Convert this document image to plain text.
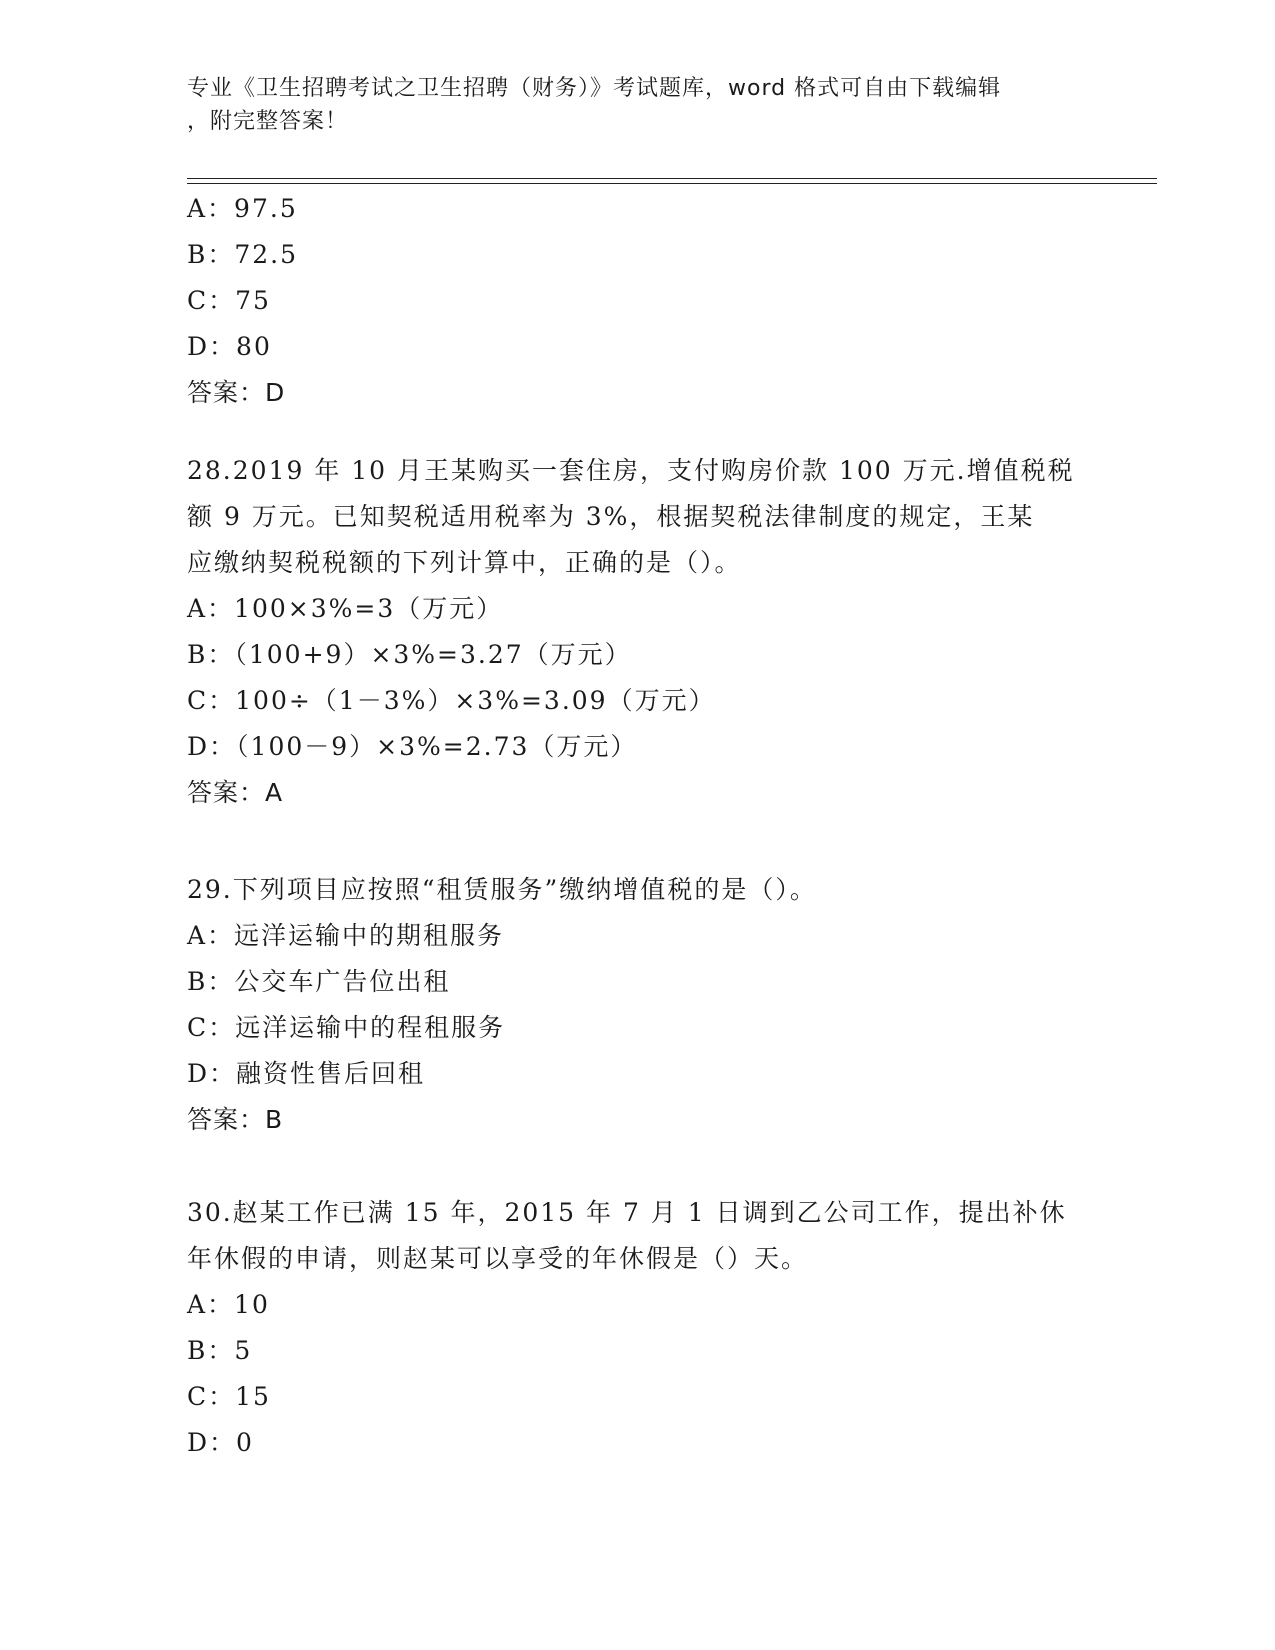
专业《卫生招聘考试之卫生招聘（财务）》考试题库，word 格式可自由下载编辑
，附完整答案！
A：97.5
B：72.5
C：75
D：80
答案：D
28.2019 年 10 月王某购买一套住房，支付购房价款 100 万元.增值税税
额 9 万元。已知契税适用税率为 3%，根据契税法律制度的规定，王某
应缴纳契税税额的下列计算中，正确的是（）。
A：100×3%=3（万元）
B：（100+9）×3%=3.27（万元）
C：100÷（1－3%）×3%=3.09（万元）
D：（100－9）×3%=2.73（万元）
答案：A
29.下列项目应按照“租赁服务”缴纳增值税的是（）。
A：远洋运输中的期租服务
B：公交车广告位出租
C：远洋运输中的程租服务
D：融资性售后回租
答案：B
30.赵某工作已满 15 年，2015 年 7 月 1 日调到乙公司工作，提出补休
年休假的申请，则赵某可以享受的年休假是（）天。
A：10
B：5
C：15
D：0
